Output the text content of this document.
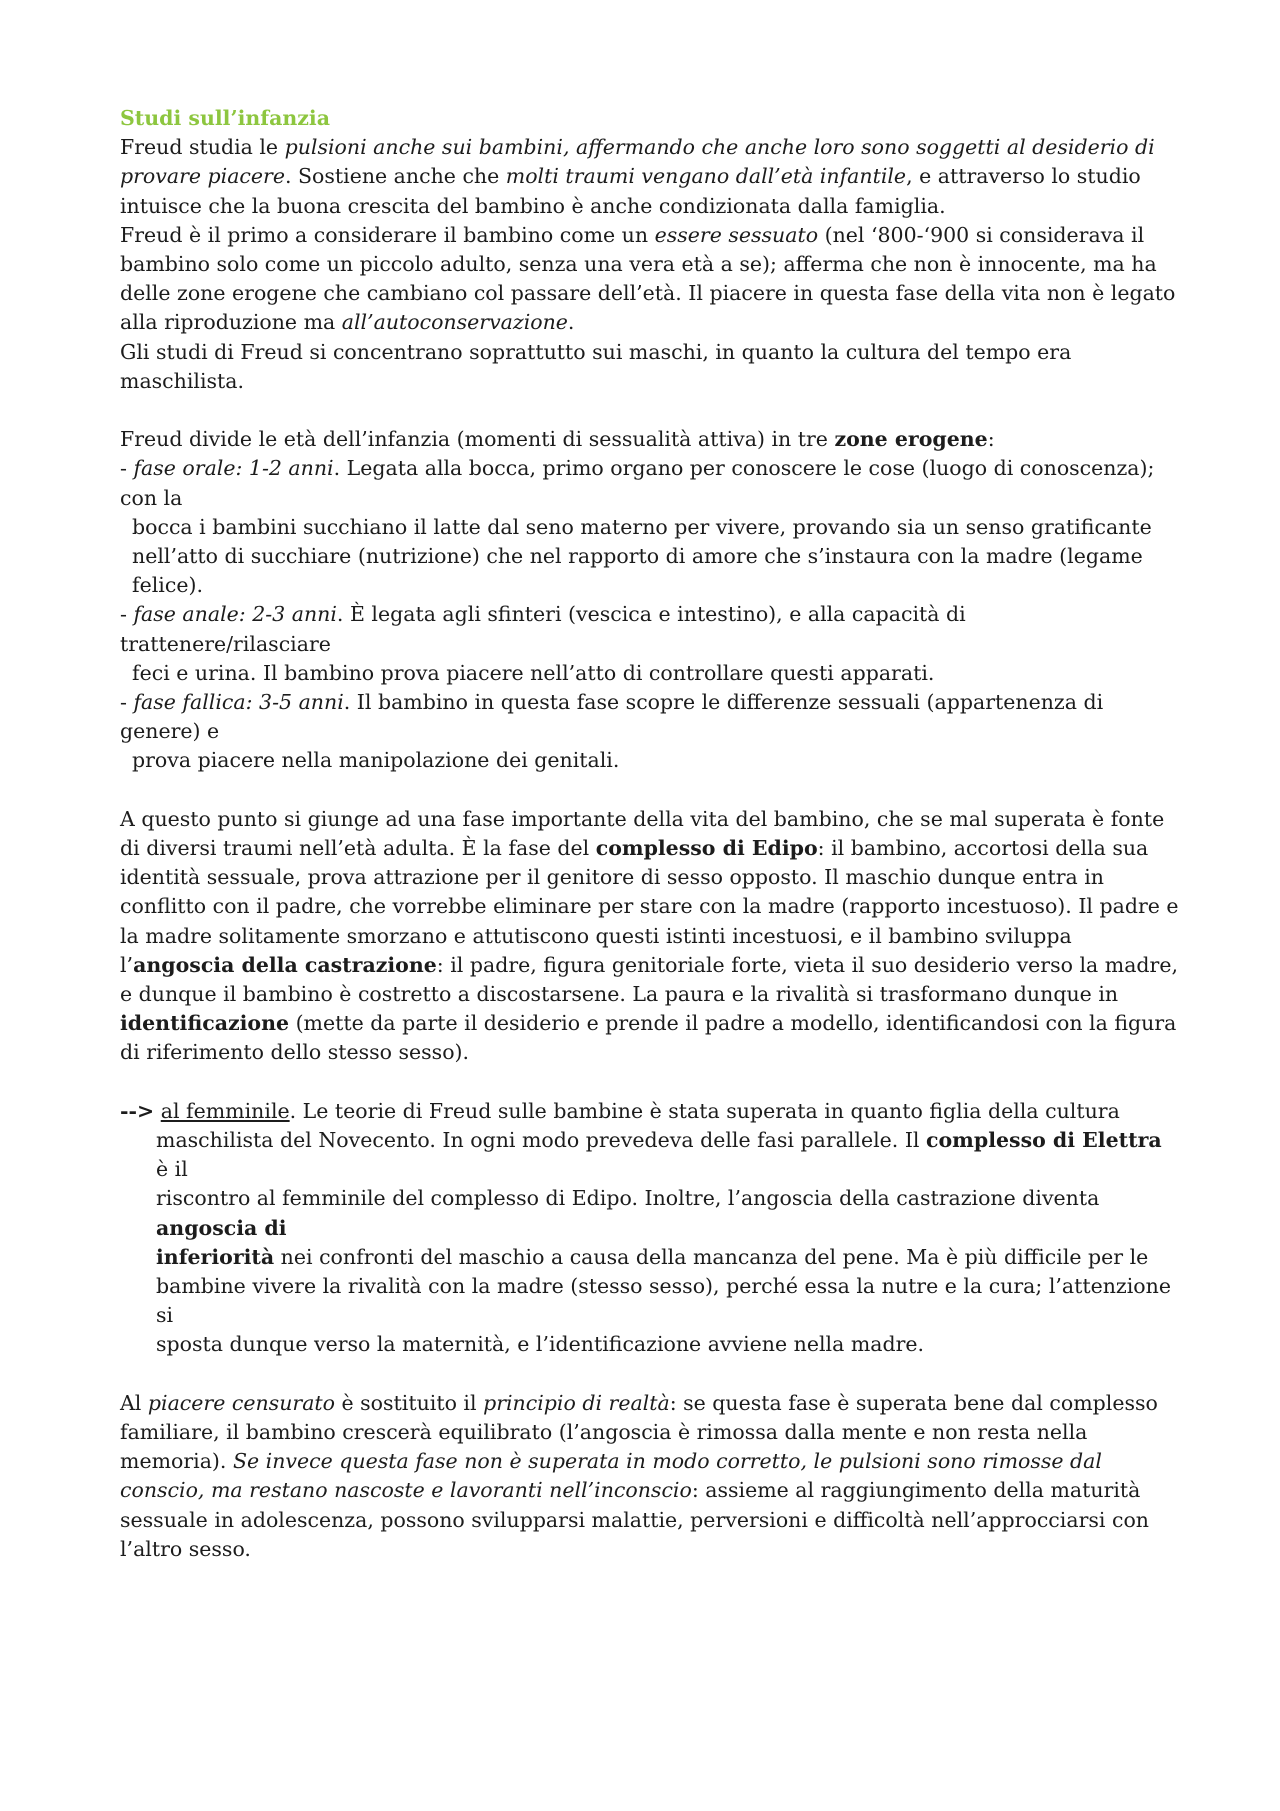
Studi sull’infanzia

Freud studia le pulsioni anche sui bambini, affermando che anche loro sono soggetti al desiderio di provare piacere. Sostiene anche che molti traumi vengano dall’età infantile, e attraverso lo studio intuisce che la buona crescita del bambino è anche condizionata dalla famiglia.

Freud è il primo a considerare il bambino come un essere sessuato (nel ‘800-‘900 si considerava il bambino solo come un piccolo adulto, senza una vera età a se); afferma che non è innocente, ma ha delle zone erogene che cambiano col passare dell’età. Il piacere in questa fase della vita non è legato alla riproduzione ma all’autoconservazione.

Gli studi di Freud si concentrano soprattutto sui maschi, in quanto la cultura del tempo era maschilista.

Freud divide le età dell’infanzia (momenti di sessualità attiva) in tre zone erogene:

- fase orale: 1-2 anni. Legata alla bocca, primo organo per conoscere le cose (luogo di conoscenza); con la
bocca i bambini succhiano il latte dal seno materno per vivere, provando sia un senso gratificante
nell’atto di succhiare (nutrizione) che nel rapporto di amore che s’instaura con la madre (legame felice).
- fase anale: 2-3 anni. È legata agli sfinteri (vescica e intestino), e alla capacità di trattenere/rilasciare
feci e urina. Il bambino prova piacere nell’atto di controllare questi apparati.
- fase fallica: 3-5 anni. Il bambino in questa fase scopre le differenze sessuali (appartenenza di genere) e
prova piacere nella manipolazione dei genitali.

A questo punto si giunge ad una fase importante della vita del bambino, che se mal superata è fonte di diversi traumi nell’età adulta. È la fase del complesso di Edipo: il bambino, accortosi della sua identità sessuale, prova attrazione per il genitore di sesso opposto. Il maschio dunque entra in conflitto con il padre, che vorrebbe eliminare per stare con la madre (rapporto incestuoso). Il padre e la madre solitamente smorzano e attutiscono questi istinti incestuosi, e il bambino sviluppa l’angoscia della castrazione: il padre, figura genitoriale forte, vieta il suo desiderio verso la madre, e dunque il bambino è costretto a discostarsene. La paura e la rivalità si trasformano dunque in identificazione (mette da parte il desiderio e prende il padre a modello, identificandosi con la figura di riferimento dello stesso sesso).

--> al femminile. Le teorie di Freud sulle bambine è stata superata in quanto figlia della cultura
maschilista del Novecento. In ogni modo prevedeva delle fasi parallele. Il complesso di Elettra è il
riscontro al femminile del complesso di Edipo. Inoltre, l’angoscia della castrazione diventa angoscia di
inferiorità nei confronti del maschio a causa della mancanza del pene. Ma è più difficile per le
bambine vivere la rivalità con la madre (stesso sesso), perché essa la nutre e la cura; l’attenzione si
sposta dunque verso la maternità, e l’identificazione avviene nella madre.

Al piacere censurato è sostituito il principio di realtà: se questa fase è superata bene dal complesso familiare, il bambino crescerà equilibrato (l’angoscia è rimossa dalla mente e non resta nella memoria). Se invece questa fase non è superata in modo corretto, le pulsioni sono rimosse dal conscio, ma restano nascoste e lavoranti nell’inconscio: assieme al raggiungimento della maturità sessuale in adolescenza, possono svilupparsi malattie, perversioni e difficoltà nell’approcciarsi con l’altro sesso.
